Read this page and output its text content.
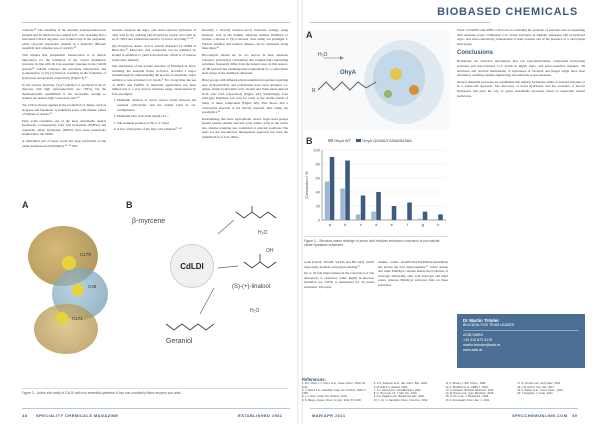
BIOBASED CHEMICALS

catalysis.⁴⁹ The assembly of the naturally homoproteinaceous enzyme and its function were studied in E. coli, revealing that a functional CdLDI oligomer was formed only in the periplasm, while cytosolic expression resulted in a distinctly different assembly and complete loss of activity.⁵⁰

This implies that periplasmic translocation is of utmost importance for the formation of the correct multimeric structure. In line with all four essential cysteines in the CdLDI protein,⁴⁹ CdLDI catalyses the reversible dehydration and isomerisation of (S)-(+)-linalool, resulting in the formation of β-myrcene and geraniol respectively (Figure 3).⁴⁹

In the reverse direction, (S)-(+)-linalool is produced from β-myrcene with high stereoselectivity (ee >95%), but the thermodynamic equilibrium is not favourable enough to achieve the desired high conversion rates.⁴⁹

Yet, LDI is already applied in the production of dienes, such as isoprene and butadiene, at industrial scale, with market values of billions of dollars.⁵¹

Fatty acids constitute one of the most sustainable natural feedstocks. Consequently, fatty acid hydratases (FAHYs) and especially oleate hydratases (OHYs) have been intensively studied since the 1960s.

A substantial part of these works has been performed on the oleate hydratase from EmOhyA.²²⁻⁵⁴ This

enzyme catalyses the regio- and stereo-selective hydration of oleic acid (C-9), yielding (R)-10-hydroxy stearic acid with an ee of >98% and without the need for co-factor recycling.²²⁻⁵⁴

(R)-10-hydroxy stearic acid is already marketed by OMM as Bioactive.⁵⁵ Moreover, this compound can be trimmed by Kampl β-oxidation to yield δ-decalactone, which is of interest in the dairy industry.

The elucidation of the protein structure of EmOhyA in 2015, including the essential flavin co-factor, provided a major breakthrough for understanding the process of enzymatic water addition to non-activated C=C bonds.²⁷ For a long time, the use of OHYs and FAHYs in industrial applications has been limited due to a very narrow substrate range, characterised by four paradigms:

1. Minimum distance of seven carbon atoms between the essential carboxylate and the double bond in cis-configuration
2. Minimum fatty acid chain length of C₁₄
3. Sub-terminal position of the C=C bond
4. A free carboxylate of the fatty acid substrate²⁷⁻⁴⁹

Recently, a cleverly devised decoy molecule strategy using hexanoic acid as the dummy substrate enabled EmOhyA to hydrate 1-decene to (S)-2-decanol, thus ruling out paradigm 3. Various terminal and internal alkenes can be addressed along these lines.⁴⁹

Biocatalysis should not be too narrow in their substrate tolerance, particularly considering that commercially interesting substrates frequently differ from the natural ones. In this respect, ACIB research has challenged the requirement for a carboxylate head group of the AmOhyA substrates.

Head groups with different physicochemical properties regarding size, hydrophobicity and polarisation have been analysed, i.e. amine, amide, hydroxamic acid, alcohol and chain esters derived from oleic acid, respectively (Figure 4A). Surprisingly, even wild-type EmOhyA was sold for water to the double bonds of many of these compounds (Figure 4B). This shows that a carboxylate function is not strictly required, thus ruling out paradigm 4.⁵⁶

Rationalising that more hydrophobic and/or larger head groups should require smaller and less polar amino acids in the active site, alanine scanning was conducted at relevant positions. The basis for the site-directed mutagenesis approach has been the identification of four amino

A
C179
C48
C171
B
CdLDI
β-myrcene
(S)-(+)-linalool
Geraniol
H₂O
H₂O
OH
Figure 3 – Active site cavity of CdLDI with four essential cysteines of two non-covalently linked enzyme sub-units
48 SPECIALITY CHEMICALS MAGAZINE	ESTABLISHED 1981
A
OhyA
H₂O
R
B	OhyA WT	OhyA Q265A/T436A/N438A
0
20
40
60
80
100
Conversion / %
a	b	c	d	e	f	g	h
Figure 4 – Structure-based redesign of amino acid residues enhances conversion of non-natural oleate hydratase substrates

acids (Glu26, Thr426, Ser436 and His 443), which supposedly mediate carboxylate binding.⁵⁷

Up to 10-fold improvement in the conversion of OA derivatives is observed, while highly R-selective hydration (ee >95%) is maintained for all tested substrates. The triple

alanine variant Glu26S/Ala/Thr436Ala/Asn436Ala has shown the best improvements.⁵⁷ Some double and triple EmOhyA variants enable the hydration of sterically demanding oleic acid isopropyl and butyl esters, whereas EmOhyA wild-type fails on these substrates.

Work on FAHYs and OHYs will focus on extending the portfolio of enzymes and on expanding their substrate scope. Ultimately, C=C bonds anywhere in aliphatic substrates will be hydrated regio- and stereo-selectively, independent of their position and of the presence of a carboxylate head group.

Conclusions

Hydratases are attractive biocatalysts that can equi-functionalise compounds harbouring activated and non-activated C=C bonds in highly regio- and stereo-selective manners. 3D structures and reaction mechanisms of hydratases of bacterial and fungal origin have been elucidated, enabling enzyme engineering and substrate scope extension.

Several industrial processes are established that employ hydratases either as isolated enzymes or in a whole-cell approach. The discovery of novel hydratases and the evolution of known hydratases will pave the way to green, sustainable processes based on renewable natural feedstocks.

Dr Martin Trösler
BIOCATALYSIS TEAM LEADER
ACIB GMBH
+43 316 873 4176
martin.troesler@acib.at
www.acib.at
References:
1: B.C. Chen, L.J. Chen, et al., Green Chem., 2018, 20, 1142.
2: V. Resch & U. Hanefeld, Catal. Sci. Technol., 2015, 5, 1385.
3: L.J. Chen, Catal. Sci. Technol., 2019.
4: D. Bergo, Angew. Chem. Int. Ed., 2011, 50, 1000.
5: S.G. Scheerer et al., Nat. Chem. Biol., 2018.
6: M. Hoff & C. Zerfass, 2020.
7: A.L. Hamersma, ChemBioChem, 2021.
8: G. Zhu et al., Int. J. Mol. Sci., 2019.
9: P.A. Pagliari et al., Biotechnol. Adv., 2020.
10: J. Jin, U. Hanefeld, Chem. Commun., 2011.
11: K. Brauer, J. Biol. Chem., 1999.
12: A. Brodkorb et al., FEBS J., 2020.
13: H. Schwarz, Biocatal. Biotransf., 2016.
14: M. Busch et al., Appl. Microbiol., 2019.
15: D. Kim et al., J. Biotechnol., 2018.
16: F. Grunewald, Chem. Eur. J., 2021.
17: R. Kumar et al., ACS Catal., 2020.
18: L.M. Heinzl, Org. Lett., 2017.
19: A. Weber et al., Green Chem., 2019.
20: T. Engleder, J. Catal., 2021.
MAR/APR 2021	SPECCHEMONLINE.COM 49
